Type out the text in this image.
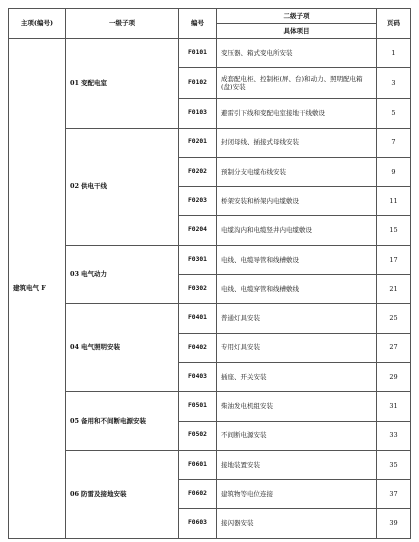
主项(编号)	一级子项	编号	二级子项	页码
			具体项目	
建筑电气 F	01 变配电室	F0101	变压器、箱式变电所安装	1
		F0102	成套配电柜、控制柜(屏、台)和动力、照明配电箱(盘)安装	3
		F0103	避雷引下线和变配电室接地干线敷设	5
	02 供电干线	F0201	封闭母线、插接式母线安装	7
		F0202	预制分支电缆布线安装	9
		F0203	桥架安装和桥架内电缆敷设	11
		F0204	电缆沟内和电缆竖井内电缆敷设	15
	03 电气动力	F0301	电线、电缆导管和线槽敷设	17
		F0302	电线、电缆穿管和线槽敷线	21
	04 电气照明安装	F0401	普通灯具安装	25
		F0402	专用灯具安装	27
		F0403	插座、开关安装	29
	05 备用和不间断电源安装	F0501	柴油发电机组安装	31
		F0502	不间断电源安装	33
	06 防雷及接地安装	F0601	接地装置安装	35
		F0602	建筑物等电位连接	37
		F0603	接闪器安装	39
